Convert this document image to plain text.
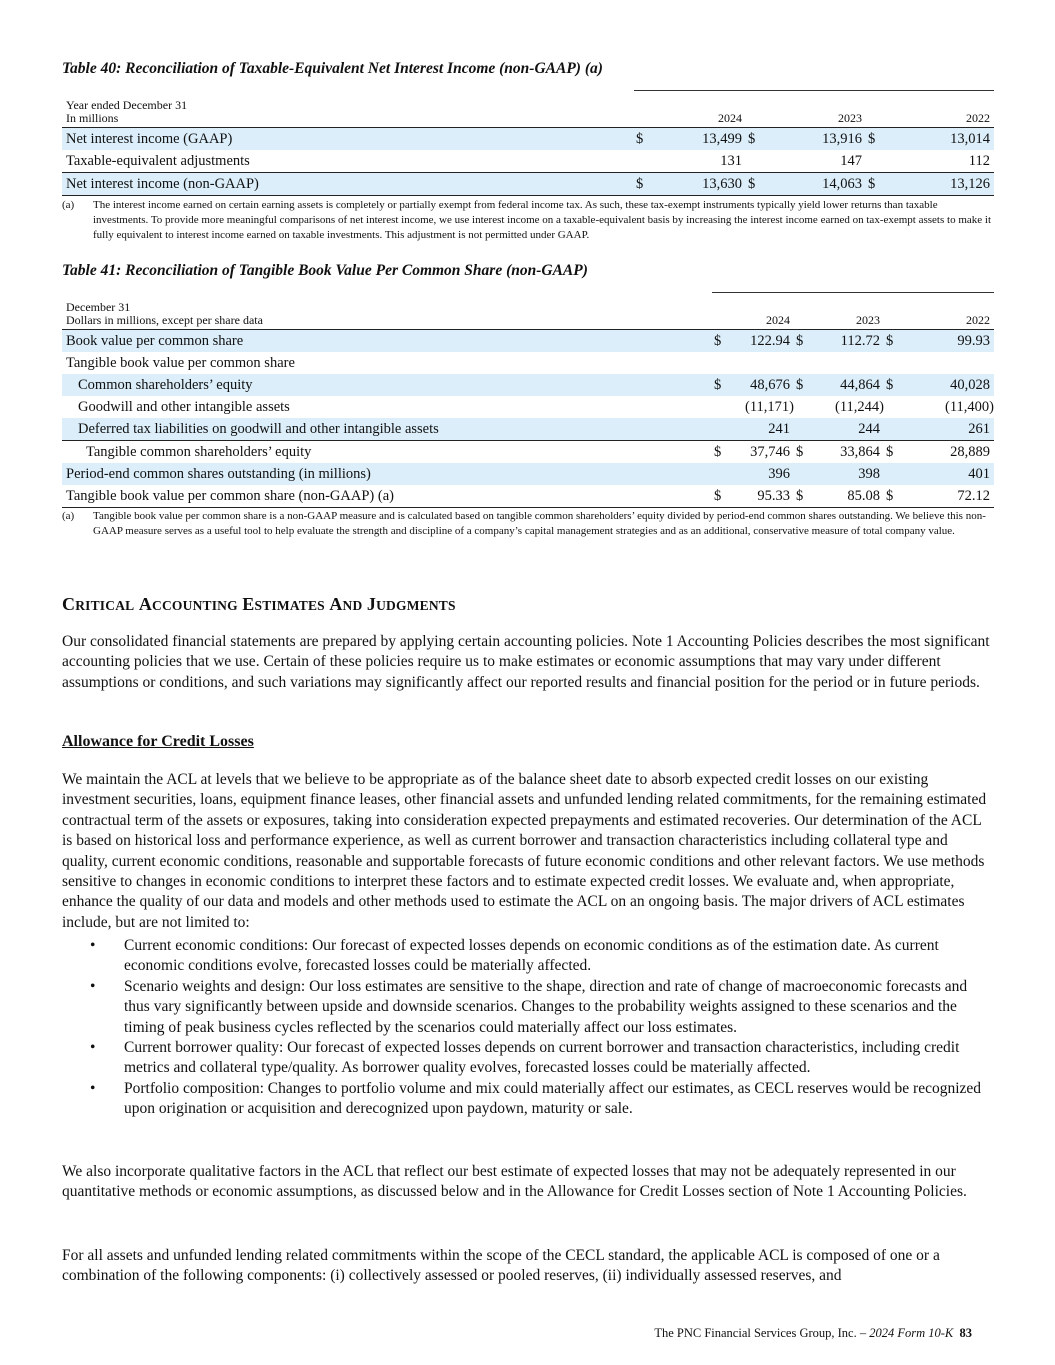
Table 40: Reconciliation of Taxable-Equivalent Net Interest Income (non-GAAP) (a)
Year ended December 31
In millions	2024		2023		2022	
Net interest income (GAAP)	$	13,499	$	13,916	$	13,014
Taxable-equivalent adjustments		131		147		112
Net interest income (non-GAAP)	$	13,630	$	14,063	$	13,126
(a) The interest income earned on certain earning assets is completely or partially exempt from federal income tax. As such, these tax-exempt instruments typically yield lower returns than taxable investments. To provide more meaningful comparisons of net interest income, we use interest income on a taxable-equivalent basis by increasing the interest income earned on tax-exempt assets to make it fully equivalent to interest income earned on taxable investments. This adjustment is not permitted under GAAP.
Table 41: Reconciliation of Tangible Book Value Per Common Share (non-GAAP)
December 31
Dollars in millions, except per share data	2024		2023		2022	
Book value per common share	$	122.94	$	112.72	$	99.93
Tangible book value per common share						
Common shareholders’ equity	$	48,676	$	44,864	$	40,028
Goodwill and other intangible assets		(11,171)		(11,244)		(11,400)
Deferred tax liabilities on goodwill and other intangible assets		241		244		261
Tangible common shareholders’ equity	$	37,746	$	33,864	$	28,889
Period-end common shares outstanding (in millions)		396		398		401
Tangible book value per common share (non-GAAP) (a)	$	95.33	$	85.08	$	72.12
(a) Tangible book value per common share is a non-GAAP measure and is calculated based on tangible common shareholders’ equity divided by period-end common shares outstanding. We believe this non-GAAP measure serves as a useful tool to help evaluate the strength and discipline of a company’s capital management strategies and as an additional, conservative measure of total company value.
CRITICAL ACCOUNTING ESTIMATES AND JUDGMENTS

Our consolidated financial statements are prepared by applying certain accounting policies. Note 1 Accounting Policies describes the most significant accounting policies that we use. Certain of these policies require us to make estimates or economic assumptions that may vary under different assumptions or conditions, and such variations may significantly affect our reported results and financial position for the period or in future periods.

Allowance for Credit Losses

We maintain the ACL at levels that we believe to be appropriate as of the balance sheet date to absorb expected credit losses on our existing investment securities, loans, equipment finance leases, other financial assets and unfunded lending related commitments, for the remaining estimated contractual term of the assets or exposures, taking into consideration expected prepayments and estimated recoveries. Our determination of the ACL is based on historical loss and performance experience, as well as current borrower and transaction characteristics including collateral type and quality, current economic conditions, reasonable and supportable forecasts of future economic conditions and other relevant factors. We use methods sensitive to changes in economic conditions to interpret these factors and to estimate expected credit losses. We evaluate and, when appropriate, enhance the quality of our data and models and other methods used to estimate the ACL on an ongoing basis. The major drivers of ACL estimates include, but are not limited to:

• Current economic conditions: Our forecast of expected losses depends on economic conditions as of the estimation date. As current economic conditions evolve, forecasted losses could be materially affected.
• Scenario weights and design: Our loss estimates are sensitive to the shape, direction and rate of change of macroeconomic forecasts and thus vary significantly between upside and downside scenarios. Changes to the probability weights assigned to these scenarios and the timing of peak business cycles reflected by the scenarios could materially affect our loss estimates.
• Current borrower quality: Our forecast of expected losses depends on current borrower and transaction characteristics, including credit metrics and collateral type/quality. As borrower quality evolves, forecasted losses could be materially affected.
• Portfolio composition: Changes to portfolio volume and mix could materially affect our estimates, as CECL reserves would be recognized upon origination or acquisition and derecognized upon paydown, maturity or sale.

We also incorporate qualitative factors in the ACL that reflect our best estimate of expected losses that may not be adequately represented in our quantitative methods or economic assumptions, as discussed below and in the Allowance for Credit Losses section of Note 1 Accounting Policies.

For all assets and unfunded lending related commitments within the scope of the CECL standard, the applicable ACL is composed of one or a combination of the following components: (i) collectively assessed or pooled reserves, (ii) individually assessed reserves, and

The PNC Financial Services Group, Inc. – 2024 Form 10-K 83
